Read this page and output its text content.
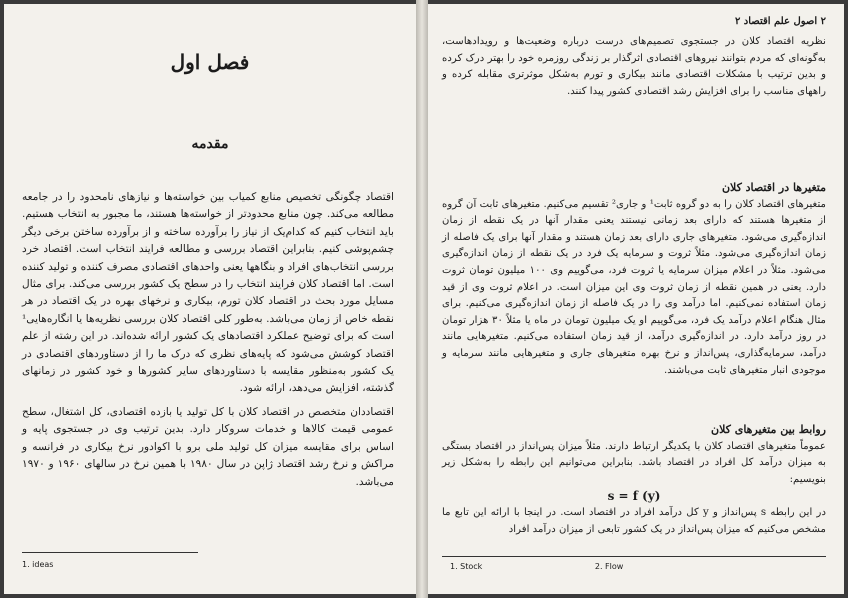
فصل اول
مقدمه

اقتصاد چگونگی تخصیص منابع کمیاب بین خواسته‌ها و نیازهای نامحدود را در جامعه مطالعه می‌کند. چون منابع محدودتر از خواسته‌ها هستند، ما مجبور به انتخاب هستیم. باید انتخاب کنیم که کدام‌یک از نیاز را برآورده ساخته و از برآورده ساختن برخی دیگر چشم‌پوشی کنیم. بنابراین اقتصاد بررسی و مطالعه فرایند انتخاب است. اقتصاد خرد بررسی انتخاب‌های افراد و بنگاهها یعنی واحدهای اقتصادی مصرف کننده و تولید کننده است. اما اقتصاد کلان فرایند انتخاب را در سطح یک کشور بررسی می‌کند. برای مثال مسایل مورد بحث در اقتصاد کلان تورم، بیکاری و نرخهای بهره در یک اقتصاد در هر نقطه خاص از زمان می‌باشد. به‌طور کلی اقتصاد کلان بررسی نظریه‌ها یا انگاره‌هایی¹ است که برای توضیح عملکرد اقتصادهای یک کشور ارائه شده‌اند. در این رشته از علم اقتصاد کوشش می‌شود که پایه‌های نظری که درک ما را از دستاوردهای اقتصادی در یک کشور به‌منظور مقایسه با دستاوردهای سایر کشورها و خود کشور در زمانهای گذشته، افزایش می‌دهد، ارائه شود.

اقتصاددان متخصص در اقتصاد کلان با کل تولید یا بازده اقتصادی، کل اشتغال، سطح عمومی قیمت کالاها و خدمات سروکار دارد. بدین ترتیب وی در جستجوی پایه و اساس برای مقایسه میزان کل تولید ملی برو با اکوادور نرخ بیکاری در فرانسه و مراکش و نرخ رشد اقتصاد ژاپن در سال ۱۹۸۰ با همین نرخ در سالهای ۱۹۶۰ و ۱۹۷۰ می‌باشد.

1. ideas
۲ اصول علم اقتصاد ۲

نظریه اقتصاد کلان در جستجوی تصمیم‌های درست درباره وضعیت‌ها و رویدادهاست، به‌گونه‌ای که مردم بتوانند نیروهای اقتصادی اثرگذار بر زندگی روزمره خود را بهتر درک کرده و بدین ترتیب با مشکلات اقتصادی مانند بیکاری و تورم به‌شکل موثرتری مقابله کرده و راههای مناسب را برای افزایش رشد اقتصادی کشور پیدا کنند.

متغیرها در اقتصاد کلان

متغیرهای اقتصاد کلان را به دو گروه ثابت¹ و جاری² تقسیم می‌کنیم. متغیرهای ثابت آن گروه از متغیرها هستند که دارای بعد زمانی نیستند یعنی مقدار آنها در یک نقطه از زمان اندازه‌گیری می‌شود. متغیرهای جاری دارای بعد زمان هستند و مقدار آنها برای یک فاصله از زمان اندازه‌گیری می‌شود. مثلاً ثروت و سرمایه یک فرد در یک نقطه از زمان اندازه‌گیری می‌شود. مثلاً در اعلام میزان سرمایه یا ثروت فرد، می‌گوییم وی ۱۰۰ میلیون تومان ثروت دارد. یعنی در همین نقطه از زمان ثروت وی این میزان است. در اعلام ثروت وی از قید زمان استفاده نمی‌کنیم. اما درآمد وی را در یک فاصله از زمان اندازه‌گیری می‌کنیم. برای مثال هنگام اعلام درآمد یک فرد، می‌گوییم او یک میلیون تومان در ماه یا مثلاً ۳۰ هزار تومان در روز درآمد دارد. در اندازه‌گیری درآمد، از قید زمان استفاده می‌کنیم. متغیرهایی مانند درآمد، سرمایه‌گذاری، پس‌انداز و نرخ بهره متغیرهای جاری و متغیرهایی مانند سرمایه و موجودی انبار متغیرهای ثابت می‌باشند.

روابط بین متغیرهای کلان

عموماً متغیرهای اقتصاد کلان با یکدیگر ارتباط دارند. مثلاً میزان پس‌انداز در اقتصاد بستگی به میزان درآمد کل افراد در اقتصاد باشد. بنابراین می‌توانیم این رابطه را به‌شکل زیر بنویسیم:

s = f (y)

در این رابطه s پس‌انداز و y کل درآمد افراد در اقتصاد است. در اینجا با ارائه این تابع ما مشخص می‌کنیم که میزان پس‌انداز در یک کشور تابعی از میزان درآمد افراد

1. Stock	2. Flow
